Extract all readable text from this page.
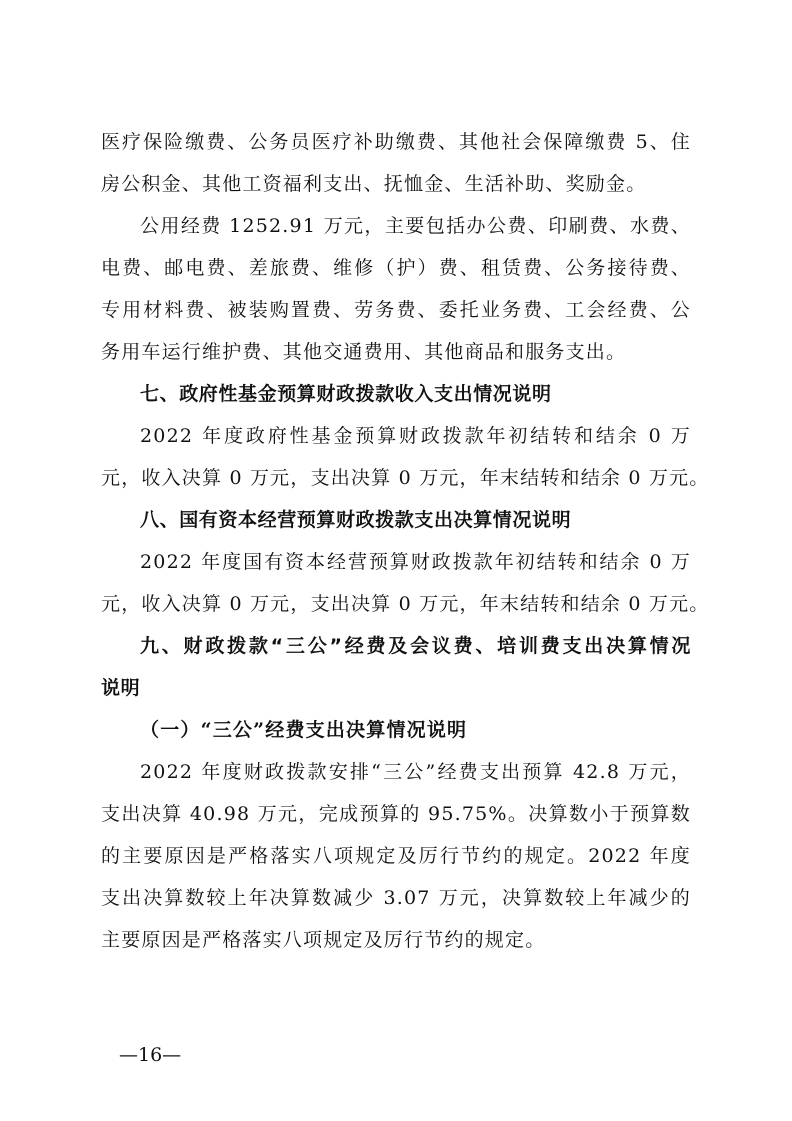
医疗保险缴费、公务员医疗补助缴费、其他社会保障缴费 5、住
房公积金、其他工资福利支出、抚恤金、生活补助、奖励金。
公用经费 1252.91 万元，主要包括办公费、印刷费、水费、
电费、邮电费、差旅费、维修（护）费、租赁费、公务接待费、
专用材料费、被装购置费、劳务费、委托业务费、工会经费、公
务用车运行维护费、其他交通费用、其他商品和服务支出。
七、政府性基金预算财政拨款收入支出情况说明
2022 年度政府性基金预算财政拨款年初结转和结余 0 万
元，收入决算 0 万元，支出决算 0 万元，年末结转和结余 0 万元。
八、国有资本经营预算财政拨款支出决算情况说明
2022 年度国有资本经营预算财政拨款年初结转和结余 0 万
元，收入决算 0 万元，支出决算 0 万元，年末结转和结余 0 万元。
九、财政拨款“三公”经费及会议费、培训费支出决算情况
说明
（一）“三公”经费支出决算情况说明
2022 年度财政拨款安排“三公”经费支出预算 42.8 万元，
支出决算 40.98 万元，完成预算的 95.75%。决算数小于预算数
的主要原因是严格落实八项规定及厉行节约的规定。2022 年度
支出决算数较上年决算数减少 3.07 万元，决算数较上年减少的
主要原因是严格落实八项规定及厉行节约的规定。
—16—
